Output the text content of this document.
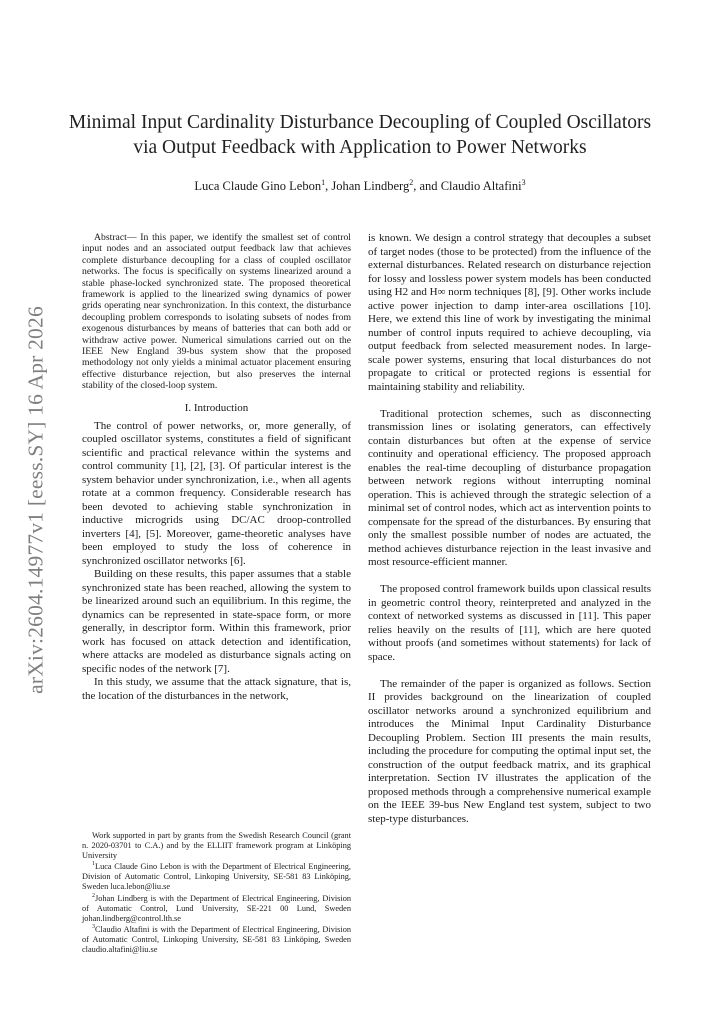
arXiv:2604.14977v1 [eess.SY] 16 Apr 2026
Minimal Input Cardinality Disturbance Decoupling of Coupled Oscillators
via Output Feedback with Application to Power Networks
Luca Claude Gino Lebon$^1$, Johan Lindberg$^2$, and Claudio Altafini$^3$

Abstract— In this paper, we identify the smallest set of control input nodes and an associated output feedback law that achieves complete disturbance decoupling for a class of coupled oscillator networks. The focus is specifically on systems linearized around a stable phase-locked synchronized state. The proposed theoretical framework is applied to the linearized swing dynamics of power grids operating near synchronization. In this context, the disturbance decoupling problem corresponds to isolating subsets of nodes from exogenous disturbances by means of batteries that can both add or withdraw active power. Numerical simulations carried out on the IEEE New England 39-bus system show that the proposed methodology not only yields a minimal actuator placement ensuring effective disturbance rejection, but also preserves the internal stability of the closed-loop system.

I. Introduction

The control of power networks, or, more generally, of coupled oscillator systems, constitutes a field of significant scientific and practical relevance within the systems and control community [1], [2], [3]. Of particular interest is the system behavior under synchronization, i.e., when all agents rotate at a common frequency. Considerable research has been devoted to achieving stable synchronization in inductive microgrids using DC/AC droop-controlled inverters [4], [5]. Moreover, game-theoretic analyses have been employed to study the loss of coherence in synchronized oscillator networks [6].

Building on these results, this paper assumes that a stable synchronized state has been reached, allowing the system to be linearized around such an equilibrium. In this regime, the dynamics can be represented in state-space form, or more generally, in descriptor form. Within this framework, prior work has focused on attack detection and identification, where attacks are modeled as disturbance signals acting on specific nodes of the network [7].

In this study, we assume that the attack signature, that is, the location of the disturbances in the network,

Work supported in part by grants from the Swedish Research Council (grant n. 2020-03701 to C.A.) and by the ELLIIT framework program at Linköping University

$^1$Luca Claude Gino Lebon is with the Department of Electrical Engineering, Division of Automatic Control, Linkoping University, SE-581 83 Linköping, Sweden luca.lebon@liu.se

$^2$Johan Lindberg is with the Department of Electrical Engineering, Division of Automatic Control, Lund University, SE-221 00 Lund, Sweden johan.lindberg@control.lth.se

$^3$Claudio Altafini is with the Department of Electrical Engineering, Division of Automatic Control, Linkoping University, SE-581 83 Linköping, Sweden claudio.altafini@liu.se

is known. We design a control strategy that decouples a subset of target nodes (those to be protected) from the influence of the external disturbances. Related research on disturbance rejection for lossy and lossless power system models has been conducted using H2 and H∞ norm techniques [8], [9]. Other works include active power injection to damp inter-area oscillations [10]. Here, we extend this line of work by investigating the minimal number of control inputs required to achieve decoupling, via output feedback from selected measurement nodes. In large-scale power systems, ensuring that local disturbances do not propagate to critical or protected regions is essential for maintaining stability and reliability.

Traditional protection schemes, such as disconnecting transmission lines or isolating generators, can effectively contain disturbances but often at the expense of service continuity and operational efficiency. The proposed approach enables the real-time decoupling of disturbance propagation between network regions without interrupting nominal operation. This is achieved through the strategic selection of a minimal set of control nodes, which act as intervention points to compensate for the spread of the disturbances. By ensuring that only the smallest possible number of nodes are actuated, the method achieves disturbance rejection in the least invasive and most resource-efficient manner.

The proposed control framework builds upon classical results in geometric control theory, reinterpreted and analyzed in the context of networked systems as discussed in [11]. This paper relies heavily on the results of [11], which are here quoted without proofs (and sometimes without statements) for lack of space.

The remainder of the paper is organized as follows. Section II provides background on the linearization of coupled oscillator networks around a synchronized equilibrium and introduces the Minimal Input Cardinality Disturbance Decoupling Problem. Section III presents the main results, including the procedure for computing the optimal input set, the construction of the output feedback matrix, and its graphical interpretation. Section IV illustrates the application of the proposed methods through a comprehensive numerical example on the IEEE 39-bus New England test system, subject to two step-type disturbances.
